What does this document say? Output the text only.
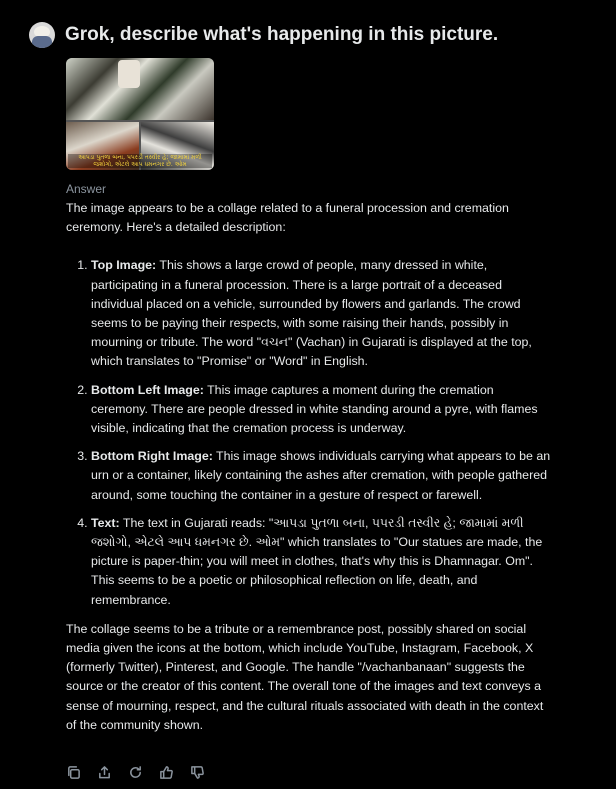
Grok, describe what's happening in this picture.
આપડા પુતળા બના, પપરડી તસ્વીર હે; જામામાં મળી જશોગો, એટલે આપ ધમનગર છે. ઓમ
Answer

The image appears to be a collage related to a funeral procession and cremation ceremony. Here's a detailed description:

1. Top Image: This shows a large crowd of people, many dressed in white, participating in a funeral procession. There is a large portrait of a deceased individual placed on a vehicle, surrounded by flowers and garlands. The crowd seems to be paying their respects, with some raising their hands, possibly in mourning or tribute. The word "વચન" (Vachan) in Gujarati is displayed at the top, which translates to "Promise" or "Word" in English.
2. Bottom Left Image: This image captures a moment during the cremation ceremony. There are people dressed in white standing around a pyre, with flames visible, indicating that the cremation process is underway.
3. Bottom Right Image: This image shows individuals carrying what appears to be an urn or a container, likely containing the ashes after cremation, with people gathered around, some touching the container in a gesture of respect or farewell.
4. Text: The text in Gujarati reads: "આપડા પુતળા બના, પપરડી તસ્વીર હે; જામામાં મળી જશોગો, એટલે આપ ધમનગર છે. ઓમ" which translates to "Our statues are made, the picture is paper-thin; you will meet in clothes, that's why this is Dhamnagar. Om". This seems to be a poetic or philosophical reflection on life, death, and remembrance.

The collage seems to be a tribute or a remembrance post, possibly shared on social media given the icons at the bottom, which include YouTube, Instagram, Facebook, X (formerly Twitter), Pinterest, and Google. The handle "/vachanbanaan" suggests the source or the creator of this content. The overall tone of the images and text conveys a sense of mourning, respect, and the cultural rituals associated with death in the context of the community shown.
